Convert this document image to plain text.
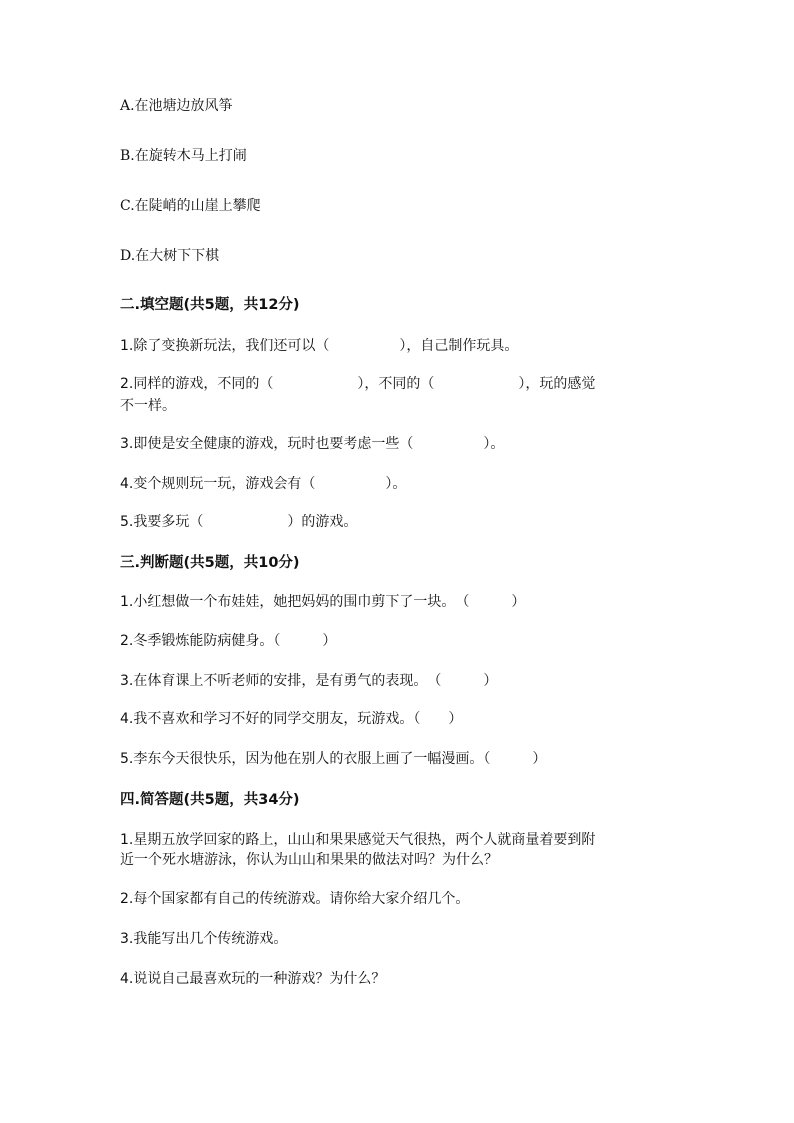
A.在池塘边放风筝

B.在旋转木马上打闹

C.在陡峭的山崖上攀爬

D.在大树下下棋

二.填空题(共5题，共12分)

1.除了变换新玩法，我们还可以（　　　　　），自己制作玩具。

2.同样的游戏，不同的（　　　　　　），不同的（　　　　　　），玩的感觉

不一样。

3.即使是安全健康的游戏，玩时也要考虑一些（　　　　　）。

4.变个规则玩一玩，游戏会有（　　　　　）。

5.我要多玩（　　　　　　）的游戏。

三.判断题(共5题，共10分)

1.小红想做一个布娃娃，她把妈妈的围巾剪下了一块。　（　　　）

2.冬季锻炼能防病健身。（　　　）

3.在体育课上不听老师的安排，是有勇气的表现。　（　　　）

4.我不喜欢和学习不好的同学交朋友，玩游戏。（　　）

5.李东今天很快乐，因为他在别人的衣服上画了一幅漫画。（　　　）

四.简答题(共5题，共34分)

1.星期五放学回家的路上，山山和果果感觉天气很热，两个人就商量着要到附

近一个死水塘游泳，你认为山山和果果的做法对吗？为什么？

2.每个国家都有自己的传统游戏。请你给大家介绍几个。

3.我能写出几个传统游戏。

4.说说自己最喜欢玩的一种游戏？为什么？
